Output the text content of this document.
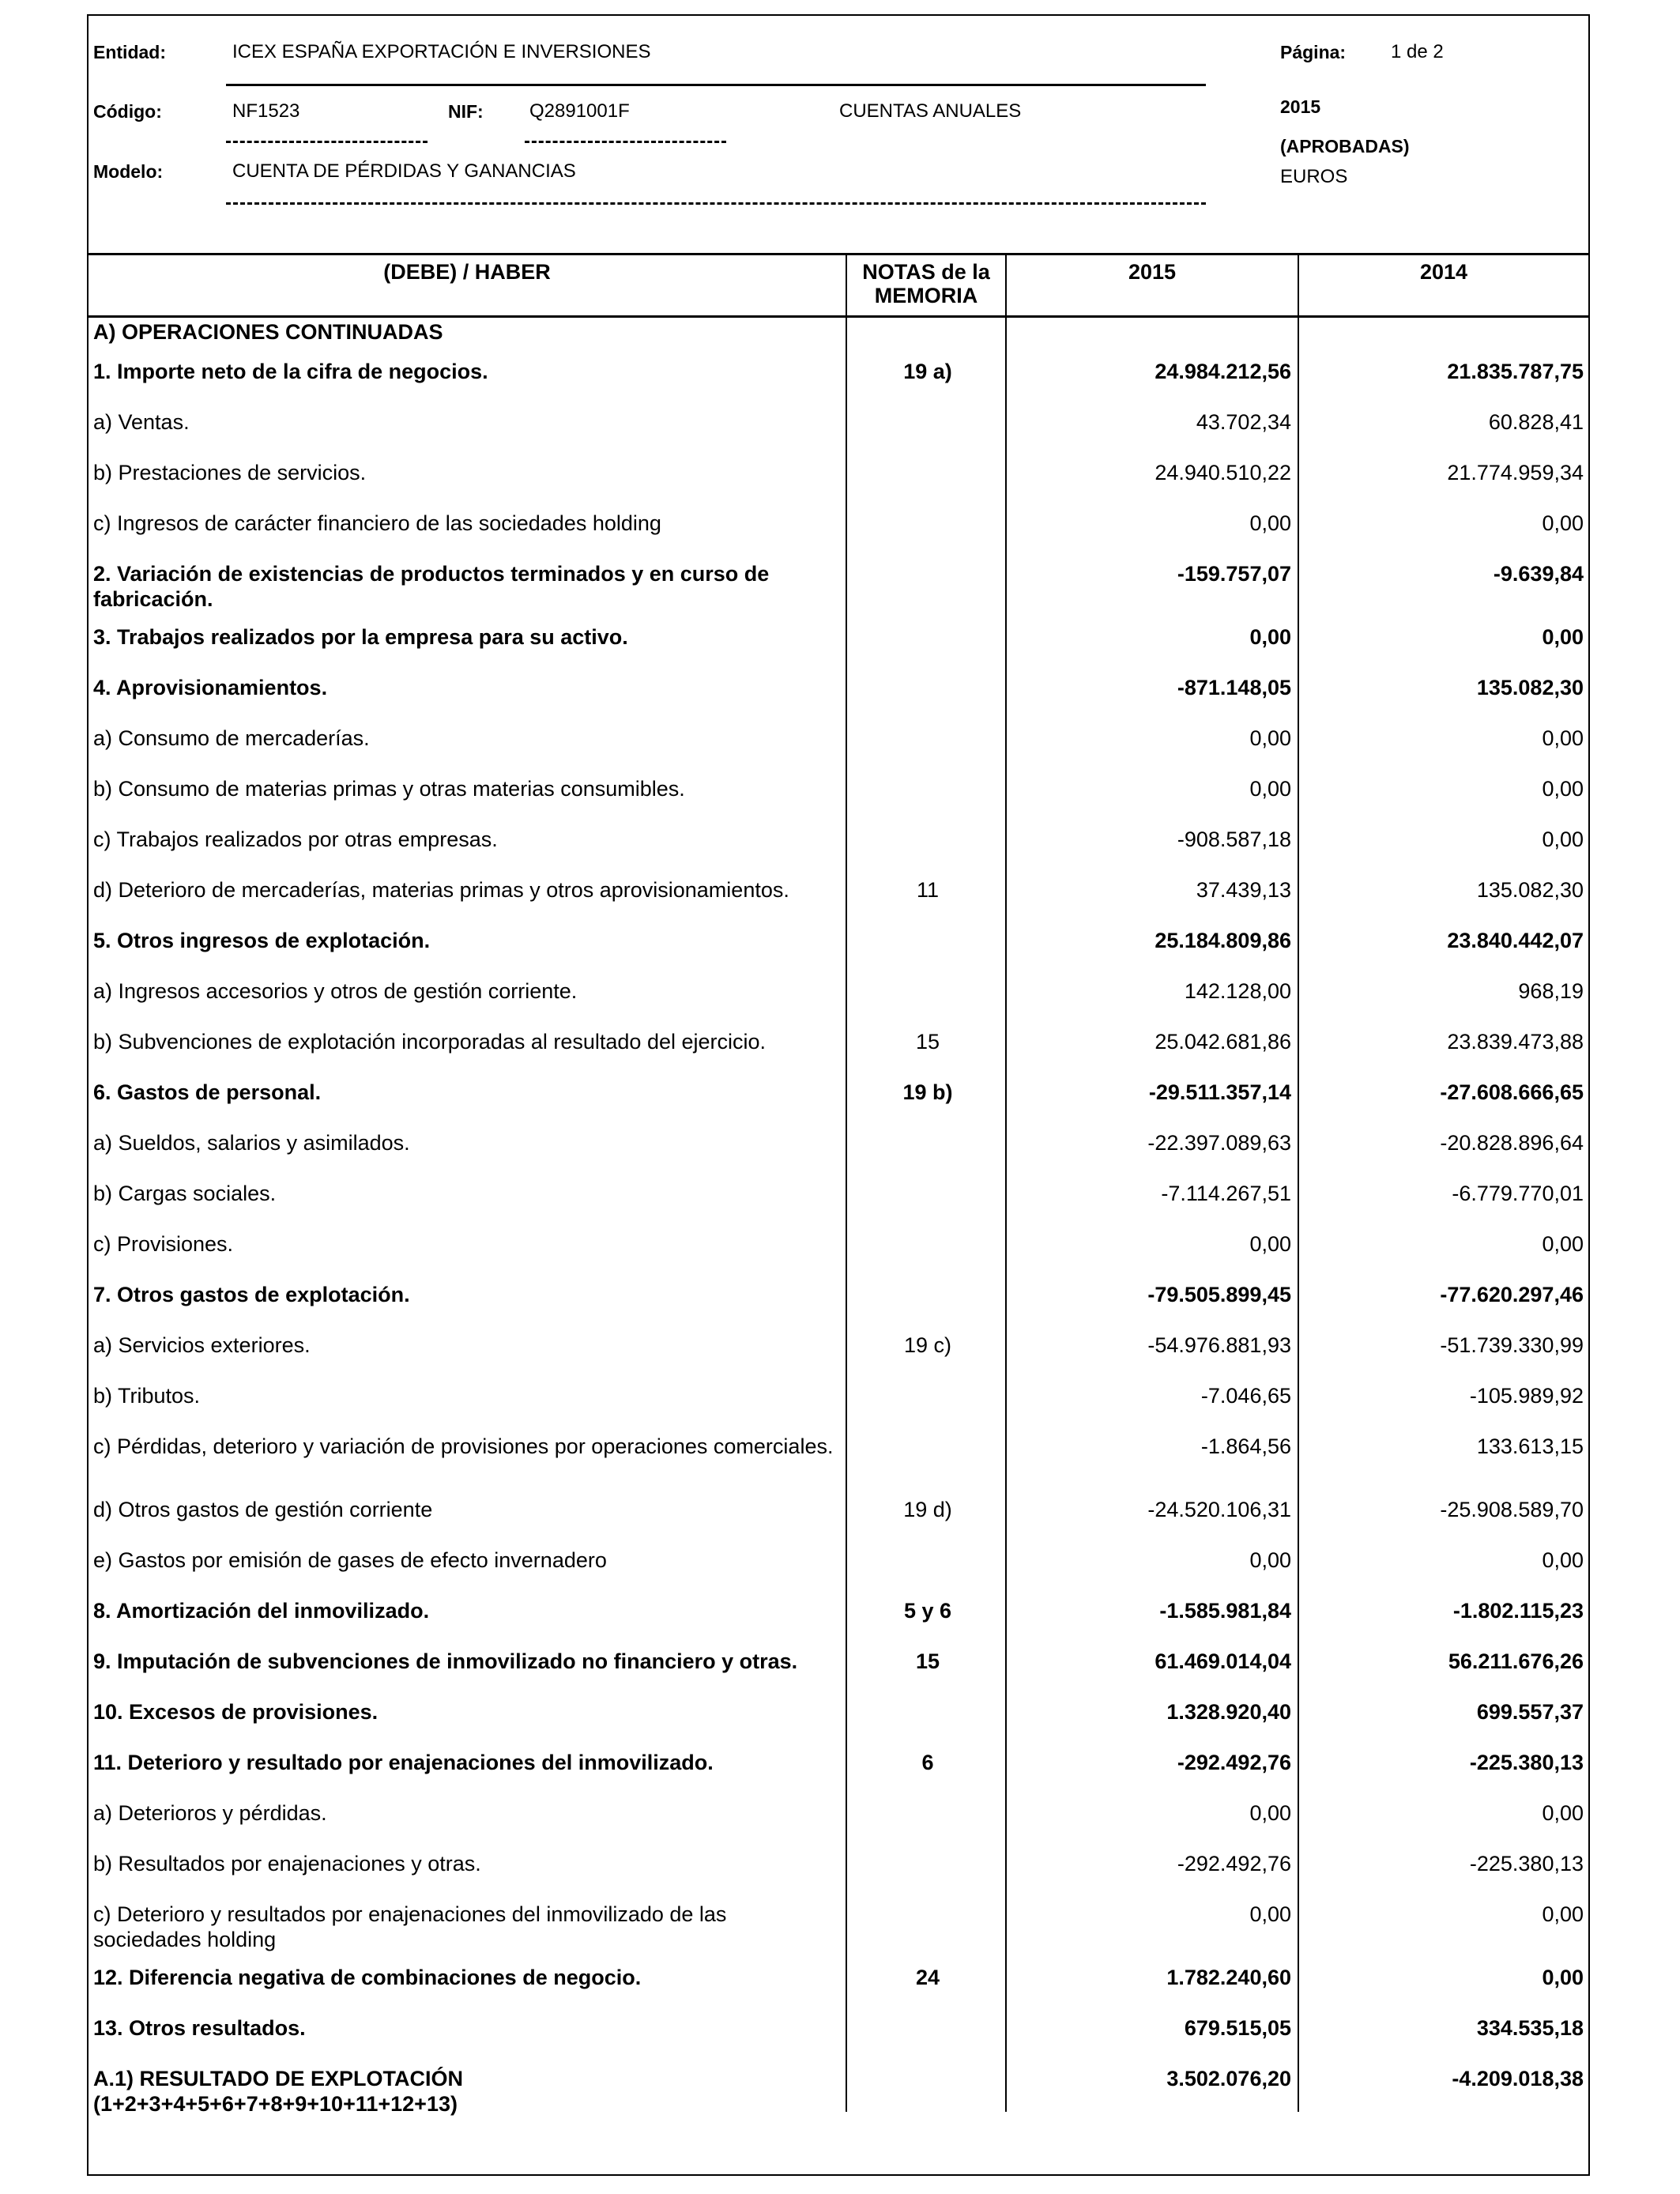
Entidad:	ICEX ESPAÑA EXPORTACIÓN E INVERSIONES	Página: 1 de 2
Código:	NF1523	NIF: Q2891001F	CUENTAS ANUALES	2015
(APROBADAS)
EUROS
Modelo:	CUENTA DE PÉRDIDAS Y GANANCIAS
(DEBE) / HABER	NOTAS de la
MEMORIA
2015	2014
A) OPERACIONES CONTINUADAS
1. Importe neto de la cifra de negocios.	19 a)	24.984.212,56	21.835.787,75
a) Ventas.	43.702,34	60.828,41
b) Prestaciones de servicios.	24.940.510,22	21.774.959,34
c) Ingresos de carácter financiero de las sociedades holding	0,00	0,00
2. Variación de existencias de productos terminados y en curso de fabricación.
-159.757,07	-9.639,84
3. Trabajos realizados por la empresa para su activo.	0,00	0,00
4. Aprovisionamientos.	-871.148,05	135.082,30
a) Consumo de mercaderías.	0,00	0,00
b) Consumo de materias primas y otras materias consumibles.	0,00	0,00
c) Trabajos realizados por otras empresas.	-908.587,18	0,00
d) Deterioro de mercaderías, materias primas y otros aprovisionamientos.	11	37.439,13	135.082,30
5. Otros ingresos de explotación.	25.184.809,86	23.840.442,07
a) Ingresos accesorios y otros de gestión corriente.	142.128,00	968,19
b) Subvenciones de explotación incorporadas al resultado del ejercicio.	15	25.042.681,86	23.839.473,88
6. Gastos de personal.	19 b)	-29.511.357,14	-27.608.666,65
a) Sueldos, salarios y asimilados.	-22.397.089,63	-20.828.896,64
b) Cargas sociales.	-7.114.267,51	-6.779.770,01
c) Provisiones.	0,00	0,00
7. Otros gastos de explotación.	-79.505.899,45	-77.620.297,46
a) Servicios exteriores.	19 c)	-54.976.881,93	-51.739.330,99
b) Tributos.	-7.046,65	-105.989,92
c) Pérdidas, deterioro y variación de provisiones por operaciones comerciales.	-1.864,56	133.613,15
d) Otros gastos de gestión corriente	19 d)	-24.520.106,31	-25.908.589,70
e) Gastos por emisión de gases de efecto invernadero	0,00	0,00
8. Amortización del inmovilizado.	5 y 6	-1.585.981,84	-1.802.115,23
9. Imputación de subvenciones de inmovilizado no financiero y otras.	15	61.469.014,04	56.211.676,26
10. Excesos de provisiones.	1.328.920,40	699.557,37
11. Deterioro y resultado por enajenaciones del inmovilizado.	6	-292.492,76	-225.380,13
a) Deterioros y pérdidas.	0,00	0,00
b) Resultados por enajenaciones y otras.	-292.492,76	-225.380,13
c) Deterioro y resultados por enajenaciones del inmovilizado de las sociedades holding
0,00	0,00
12. Diferencia negativa de combinaciones de negocio.	24	1.782.240,60	0,00
13. Otros resultados.	679.515,05	334.535,18
A.1) RESULTADO DE EXPLOTACIÓN
(1+2+3+4+5+6+7+8+9+10+11+12+13)
3.502.076,20	-4.209.018,38
